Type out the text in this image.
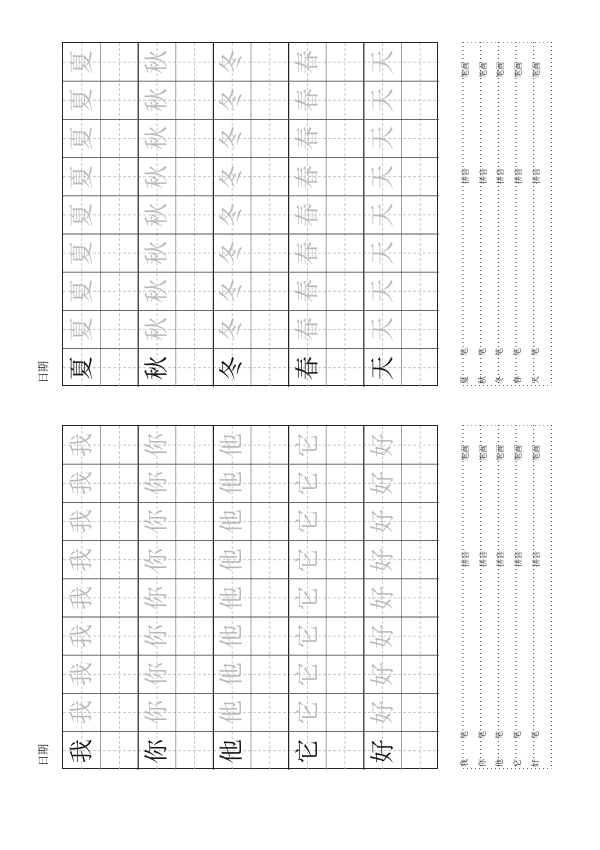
日期
夏
夏
夏
夏
夏
夏
夏
夏
夏
秋
秋
秋
秋
秋
秋
秋
秋
秋
冬
冬
冬
冬
冬
冬
冬
冬
冬
春
春
春
春
春
春
春
春
春
天
天
天
天
天
天
天
天
天
夏
笔
拼音
笔画
秋
笔
拼音
笔画
冬
笔
拼音
笔画
春
笔
拼音
笔画
天
笔
拼音
笔画
日期
我
我
我
我
我
我
我
我
我
你
你
你
你
你
你
你
你
你
他
他
他
他
他
他
他
他
他
它
它
它
它
它
它
它
它
它
好
好
好
好
好
好
好
好
好
我
笔
拼音
笔画
你
笔
拼音
笔画
他
笔
拼音
笔画
它
笔
拼音
笔画
好
笔
拼音
笔画
